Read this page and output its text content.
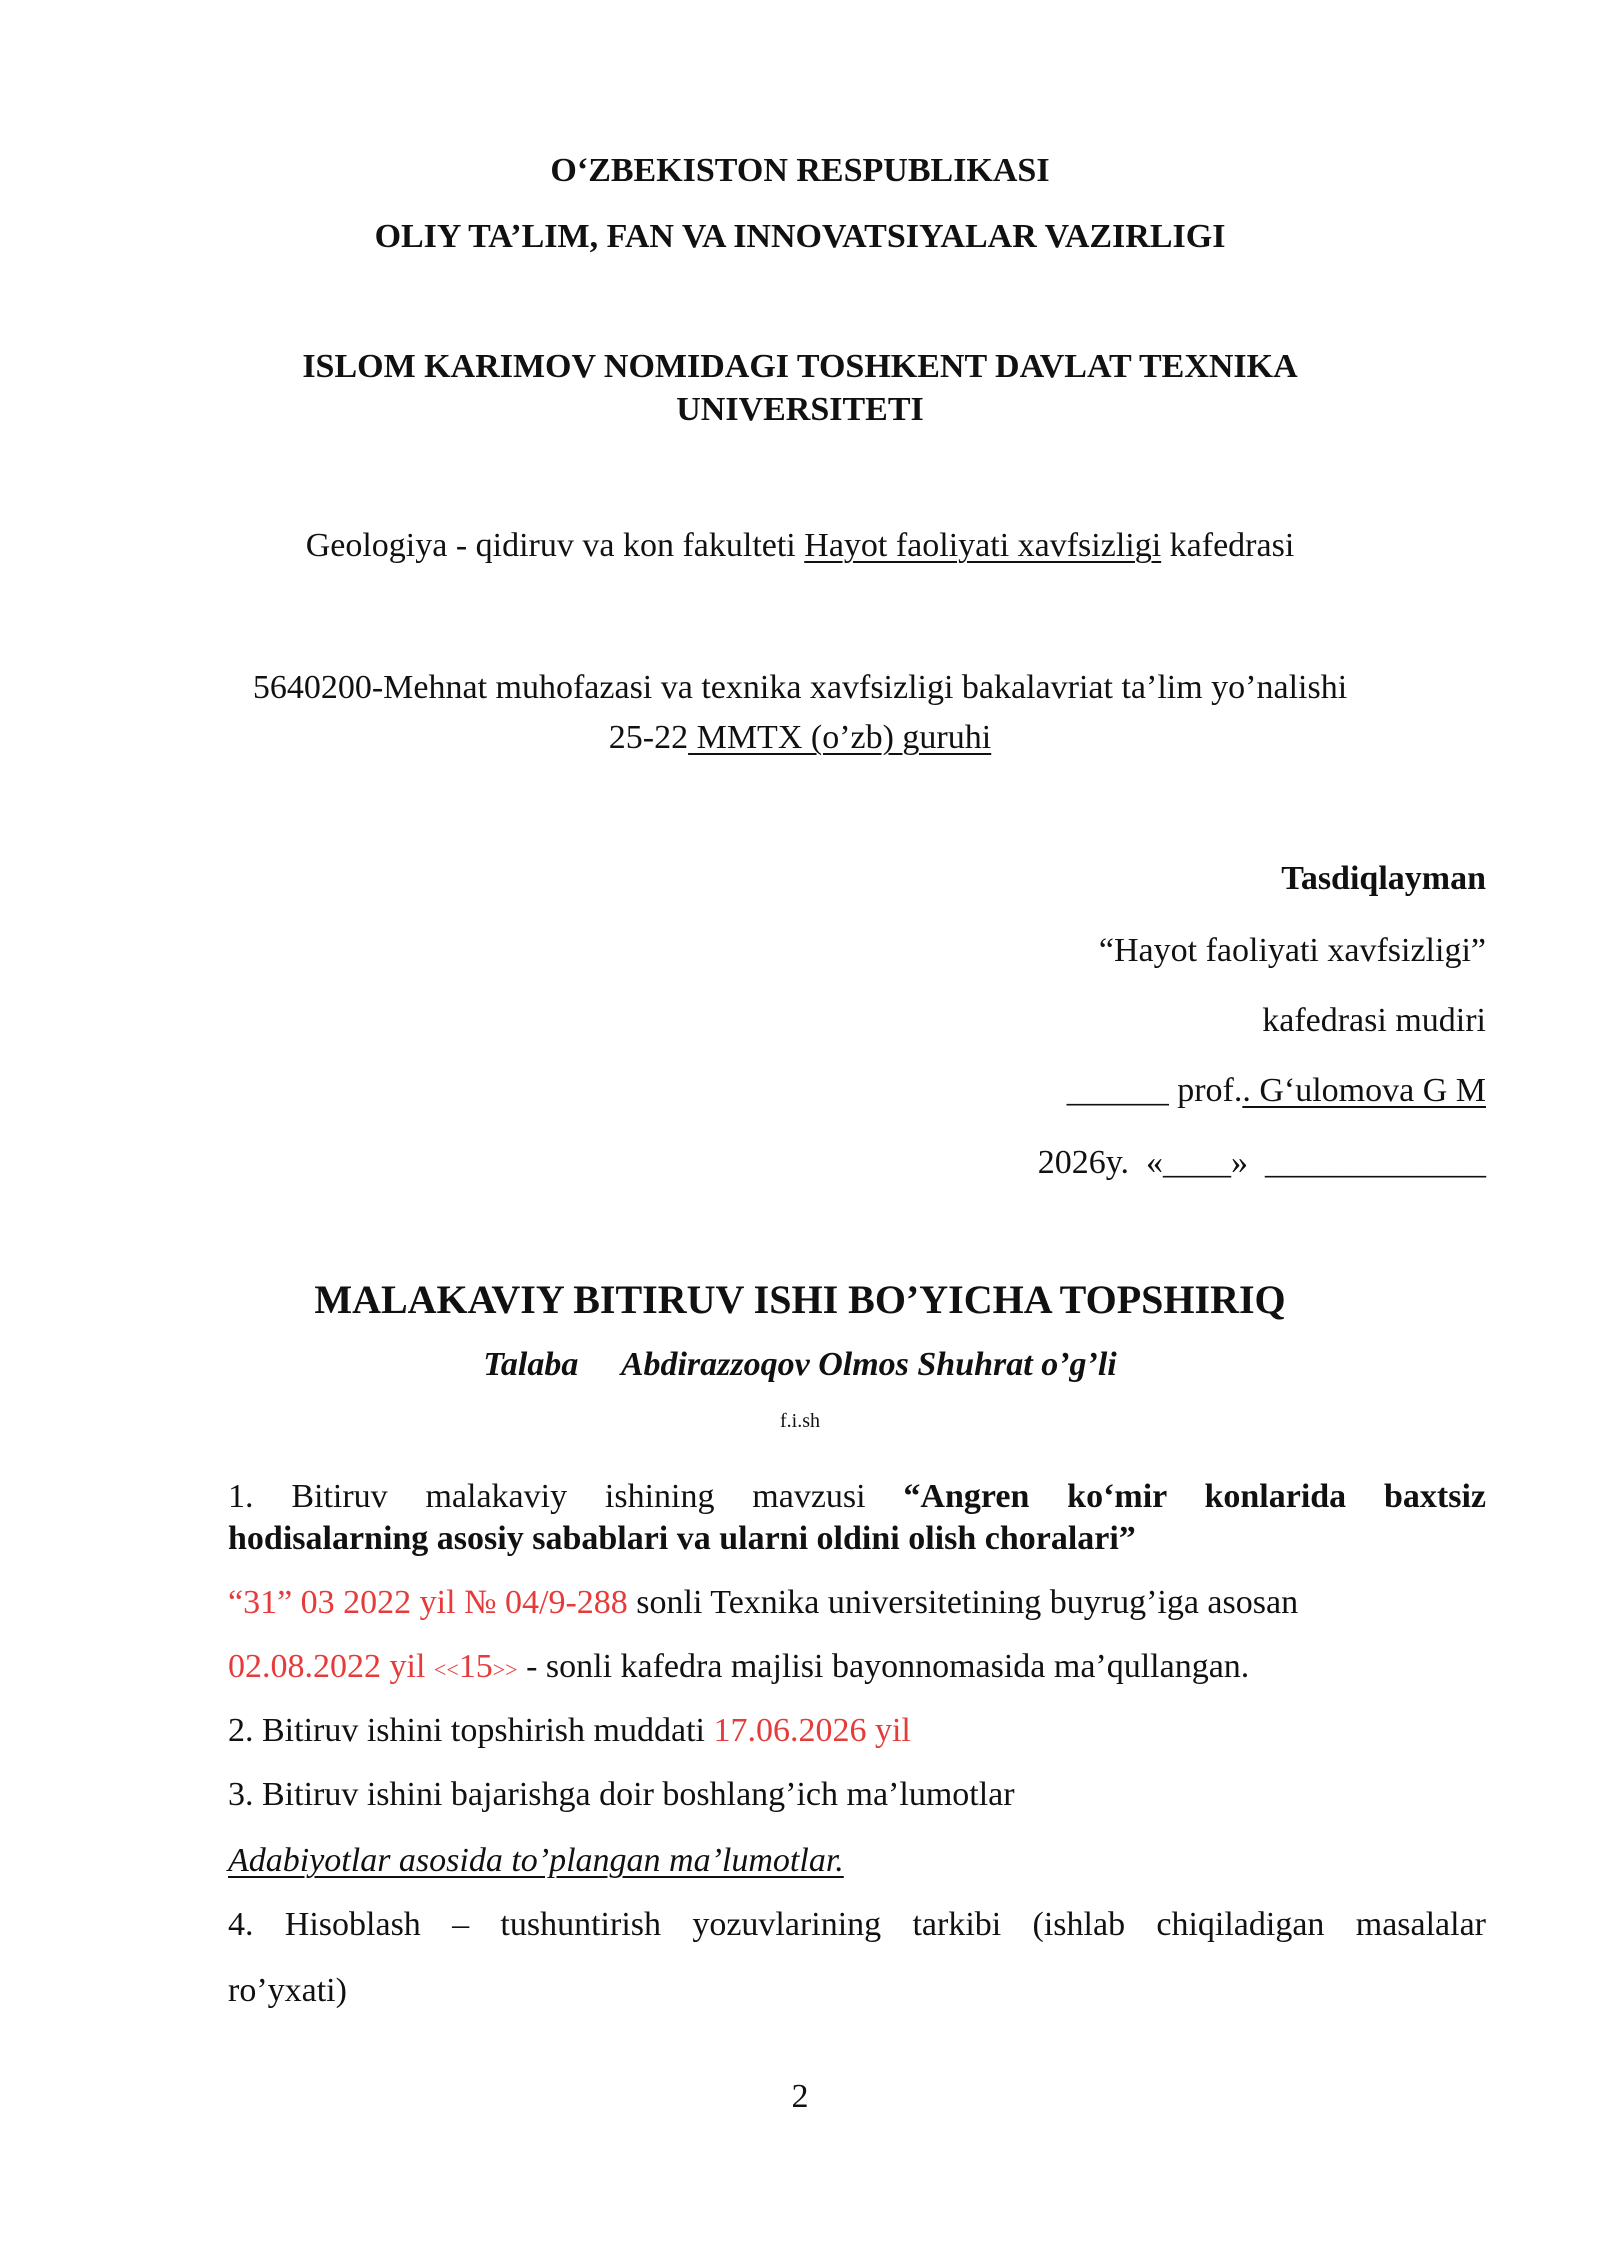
O‘ZBEKISTON RESPUBLIKASI
OLIY TA’LIM, FAN VA INNOVATSIYALAR VAZIRLIGI
ISLOM KARIMOV NOMIDAGI TOSHKENT DAVLAT TEXNIKA
UNIVERSITETI
Geologiya - qidiruv va kon fakulteti Hayot faoliyati xavfsizligi kafedrasi
5640200-Mehnat muhofazasi va texnika xavfsizligi bakalavriat ta’lim yo’nalishi
25-22 MMTX (o’zb) guruhi
Tasdiqlayman
“Hayot faoliyati xavfsizligi”
kafedrasi mudiri
______ prof.. G‘ulomova G M
2026y. «____» _____________
MALAKAVIY BITIRUV ISHI BO’YICHA TOPSHIRIQ
Talaba Abdirazzoqov Olmos Shuhrat o’g’li
f.i.sh
1. Bitiruv malakaviy ishining mavzusi “Angren ko‘mir konlarida baxtsiz
hodisalarning asosiy sabablari va ularni oldini olish choralari”
“31” 03 2022 yil № 04/9-288 sonli Texnika universitetining buyrug’iga asosan
02.08.2022 yil <<15>> - sonli kafedra majlisi bayonnomasida ma’qullangan.
2. Bitiruv ishini topshirish muddati 17.06.2026 yil
3. Bitiruv ishini bajarishga doir boshlang’ich ma’lumotlar
Adabiyotlar asosida to’plangan ma’lumotlar.
4. Hisoblash – tushuntirish yozuvlarining tarkibi (ishlab chiqiladigan masalalar
ro’yxati)
2
